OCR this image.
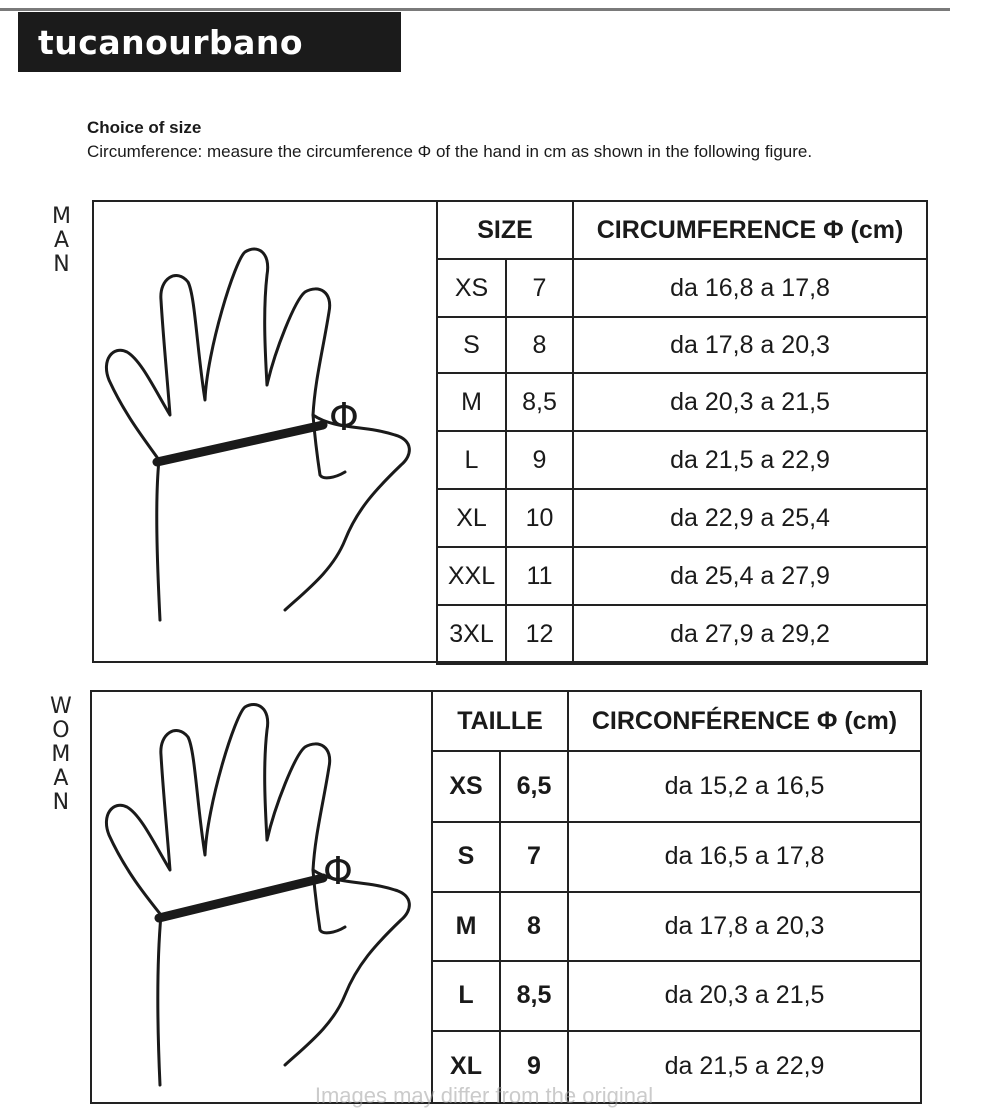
tucanourbano
Choice of size
Circumference: measure the circumference Φ of the hand in cm as shown in the following figure.
M
A
N
Φ
SIZE		CIRCUMFERENCE Φ (cm)
XS	7	da 16,8 a 17,8
S	8	da 17,8 a 20,3
M	8,5	da 20,3 a 21,5
L	9	da 21,5 a 22,9
XL	10	da 22,9 a 25,4
XXL	11	da 25,4 a 27,9
3XL	12	da 27,9 a 29,2
W
O
M
A
N
Φ
TAILLE		CIRCONFÉRENCE Φ (cm)
XS	6,5	da 15,2 a 16,5
S	7	da 16,5 a 17,8
M	8	da 17,8 a 20,3
L	8,5	da 20,3 a 21,5
XL	9	da 21,5 a 22,9
Images may differ from the original
